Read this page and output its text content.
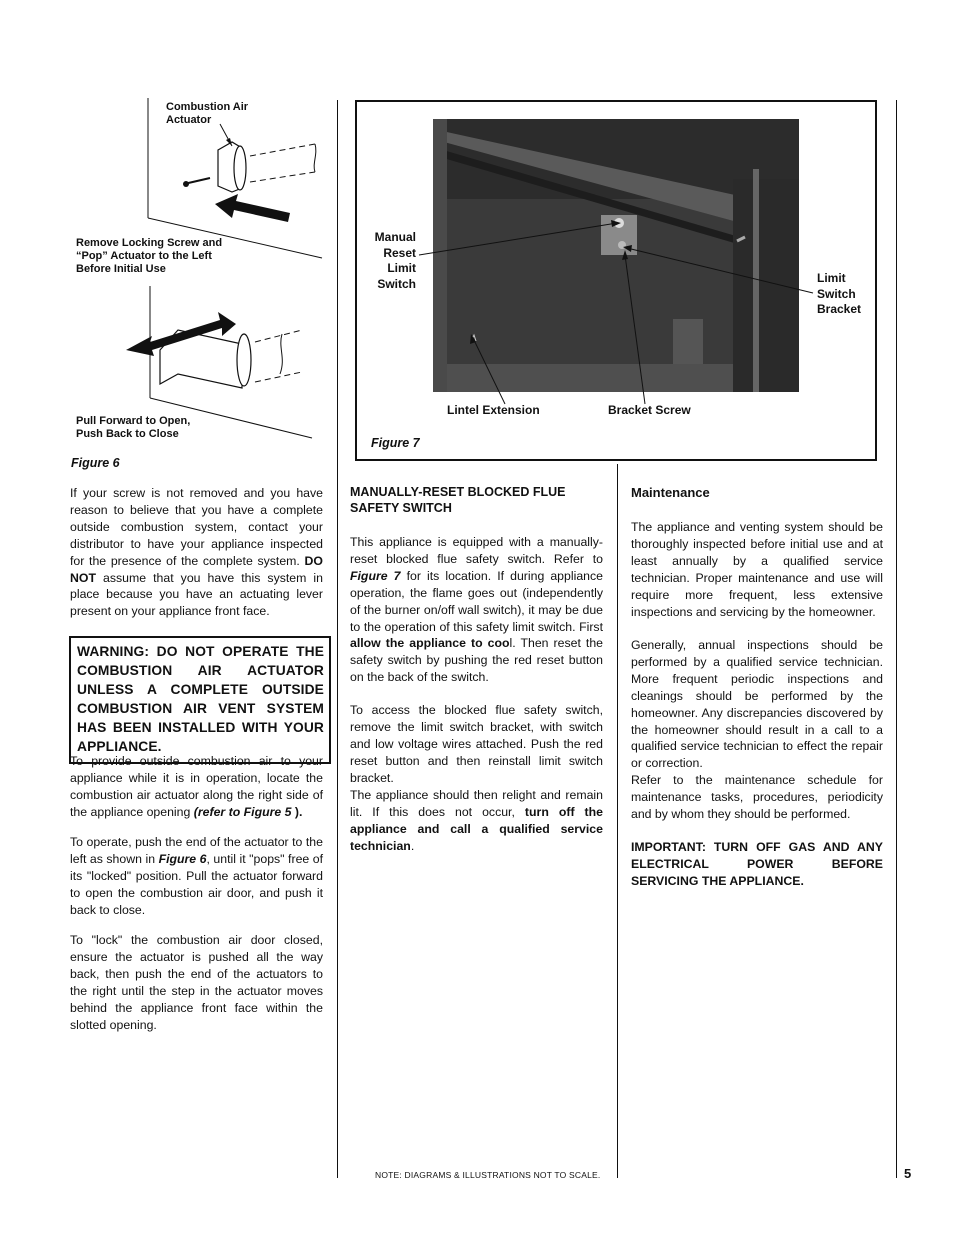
Combustion Air Actuator
Remove Locking Screw and “Pop” Actuator to the Left Before Initial Use
Pull Forward to Open, Push Back to Close
Figure 6

If your screw is not removed and you have reason to believe that you have a complete outside combustion system, contact your distributor to have your appliance inspected for the presence of the complete system. DO NOT assume that you have this system in place because you have an actuating lever present on your appliance front face.

WARNING: DO NOT OPERATE THE COMBUSTION AIR ACTUATOR UNLESS A COMPLETE OUTSIDE COMBUSTION AIR VENT SYSTEM HAS BEEN INSTALLED WITH YOUR APPLIANCE.

To provide outside combustion air to your appliance while it is in operation, locate the combustion air actuator along the right side of the appliance opening (refer to Figure 5 ).

To operate, push the end of the actuator to the left as shown in Figure 6, until it "pops" free of its "locked" position. Pull the actuator forward to open the combustion air door, and push it back to close.

To "lock" the combustion air door closed, ensure the actuator is pushed all the way back, then push the end of the actuators to the right until the step in the actuator moves behind the appliance front face within the slotted opening.

Manual Reset Limit Switch	Limit Switch Bracket
Lintel Extension	Bracket Screw
Figure 7
MANUALLY-RESET BLOCKED FLUE SAFETY SWITCH

This appliance is equipped with a manually-reset blocked flue safety switch. Refer to Figure 7 for its location. If during appliance operation, the flame goes out (independently of the burner on/off wall switch), it may be due to the operation of this safety limit switch. First allow the appliance to cool. Then reset the safety switch by pushing the red reset button on the back of the switch.

To access the blocked flue safety switch, remove the limit switch bracket, with switch and low voltage wires attached. Push the red reset button and then reinstall limit switch bracket.

The appliance should then relight and remain lit. If this does not occur, turn off the appliance and call a qualified service technician.

Maintenance

The appliance and venting system should be thoroughly inspected before initial use and at least annually by a qualified service technician. Proper maintenance and use will require more frequent, less extensive inspections and servicing by the homeowner.

Generally, annual inspections should be performed by a qualified service technician. More frequent periodic inspections and cleanings should be performed by the homeowner. Any discrepancies discovered by the homeowner should result in a call to a qualified service technician to effect the repair or correction.

Refer to the maintenance schedule for maintenance tasks, procedures, periodicity and by whom they should be performed.

IMPORTANT: TURN OFF GAS AND ANY ELECTRICAL POWER BEFORE SERVICING THE APPLIANCE.

NOTE: DIAGRAMS & ILLUSTRATIONS NOT TO SCALE.	5
